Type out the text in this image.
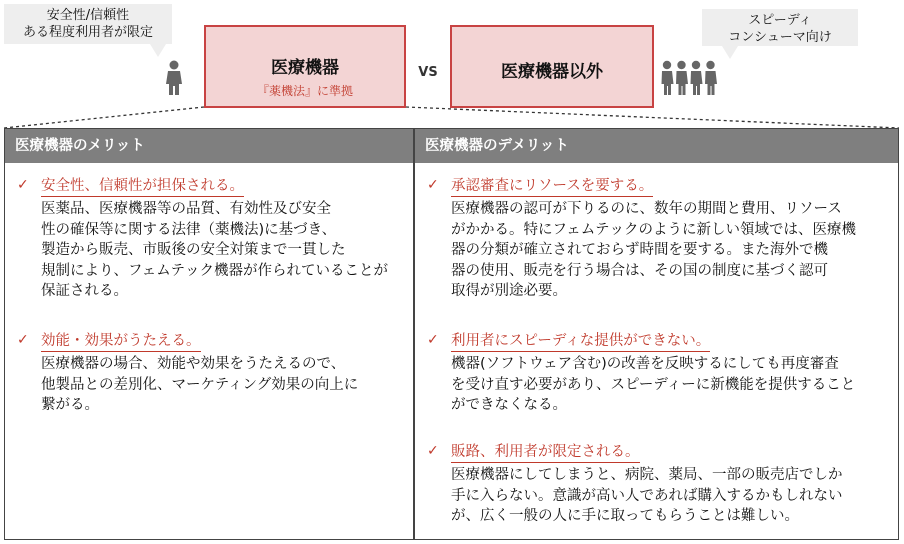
安全性/信頼性
ある程度利用者が限定
スピーディ
コンシューマ向け
医療機器
『薬機法』に準拠
VS	医療機器以外
医療機器のメリット
✓ 安全性、信頼性が担保される。
医薬品、医療機器等の品質、有効性及び安全
性の確保等に関する法律（薬機法)に基づき、
製造から販売、市販後の安全対策まで一貫した
規制により、フェムテック機器が作られていることが
保証される。
✓ 効能・効果がうたえる。
医療機器の場合、効能や効果をうたえるので、
他製品との差別化、マーケティング効果の向上に
繋がる。
医療機器のデメリット
✓ 承認審査にリソースを要する。
医療機器の認可が下りるのに、数年の期間と費用、リソース
がかかる。特にフェムテックのように新しい領域では、医療機
器の分類が確立されておらず時間を要する。また海外で機
器の使用、販売を行う場合は、その国の制度に基づく認可
取得が別途必要。
✓ 利用者にスピーディな提供ができない。
機器(ソフトウェア含む)の改善を反映するにしても再度審査
を受け直す必要があり、スピーディーに新機能を提供すること
ができなくなる。
✓ 販路、利用者が限定される。
医療機器にしてしまうと、病院、薬局、一部の販売店でしか
手に入らない。意識が高い人であれば購入するかもしれない
が、広く一般の人に手に取ってもらうことは難しい。
